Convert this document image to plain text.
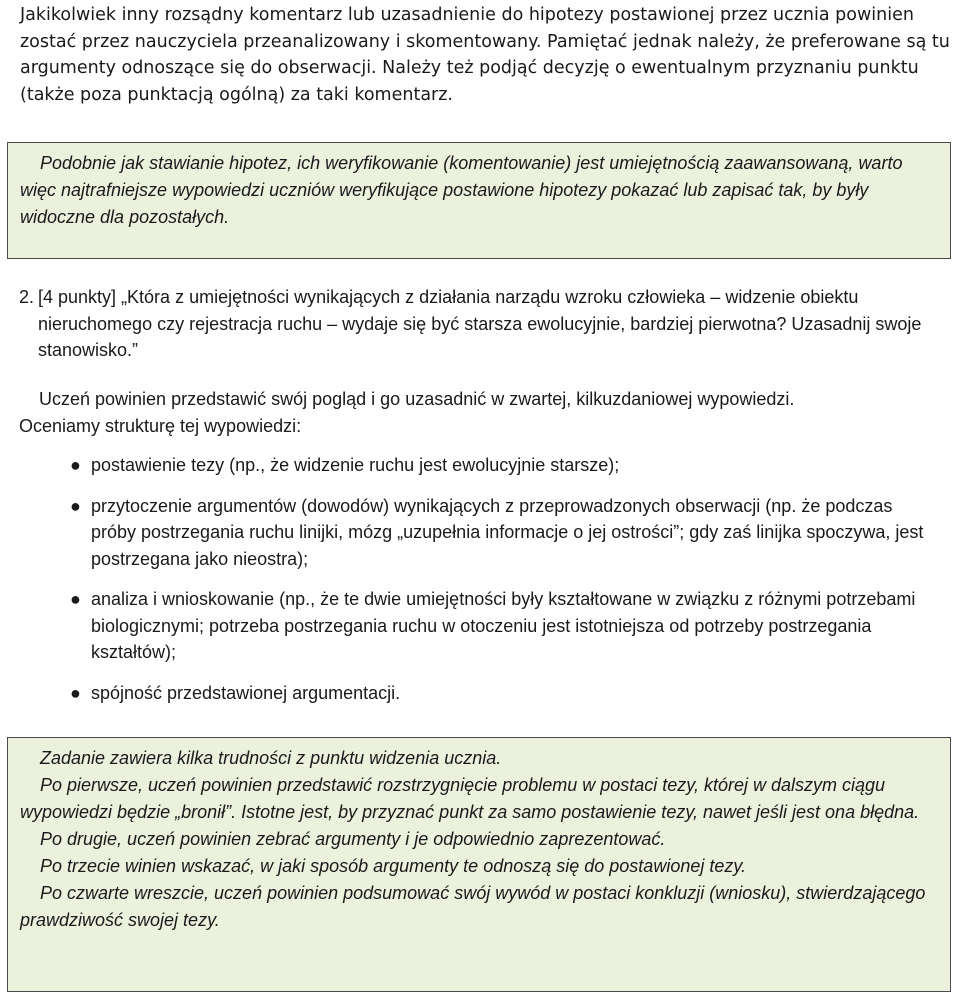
Jakikolwiek inny rozsądny komentarz lub uzasadnienie do hipotezy postawionej przez ucznia powinien zostać przez nauczyciela przeanalizowany i skomentowany. Pamiętać jednak należy, że preferowane są tu argumenty odnoszące się do obserwacji. Należy też podjąć decyzję o ewentualnym przyznaniu punktu (także poza punktacją ogólną) za taki komentarz.

Podobnie jak stawianie hipotez, ich weryfikowanie (komentowanie) jest umiejętnością zaawansowaną, warto więc najtrafniejsze wypowiedzi uczniów weryfikujące postawione hipotezy pokazać lub zapisać tak, by były widoczne dla pozostałych.

2. [4 punkty] „Która z umiejętności wynikających z działania narządu wzroku człowieka – widzenie obiektu nieruchomego czy rejestracja ruchu – wydaje się być starsza ewolucyjnie, bardziej pierwotna? Uzasadnij swoje stanowisko.”

Uczeń powinien przedstawić swój pogląd i go uzasadnić w zwartej, kilkuzdaniowej wypowiedzi.

Oceniamy strukturę tej wypowiedzi:

● postawienie tezy (np., że widzenie ruchu jest ewolucyjnie starsze);
● przytoczenie argumentów (dowodów) wynikających z przeprowadzonych obserwacji (np. że podczas próby postrzegania ruchu linijki, mózg „uzupełnia informacje o jej ostrości”; gdy zaś linijka spoczywa, jest postrzegana jako nieostra);
● analiza i wnioskowanie (np., że te dwie umiejętności były kształtowane w związku z różnymi potrzebami biologicznymi; potrzeba postrzegania ruchu w otoczeniu jest istotniejsza od potrzeby postrzegania kształtów);
● spójność przedstawionej argumentacji.

Zadanie zawiera kilka trudności z punktu widzenia ucznia.

Po pierwsze, uczeń powinien przedstawić rozstrzygnięcie problemu w postaci tezy, której w dalszym ciągu wypowiedzi będzie „bronił”. Istotne jest, by przyznać punkt za samo postawienie tezy, nawet jeśli jest ona błędna.

Po drugie, uczeń powinien zebrać argumenty i je odpowiednio zaprezentować.

Po trzecie winien wskazać, w jaki sposób argumenty te odnoszą się do postawionej tezy.

Po czwarte wreszcie, uczeń powinien podsumować swój wywód w postaci konkluzji (wniosku), stwierdzającego prawdziwość swojej tezy.
